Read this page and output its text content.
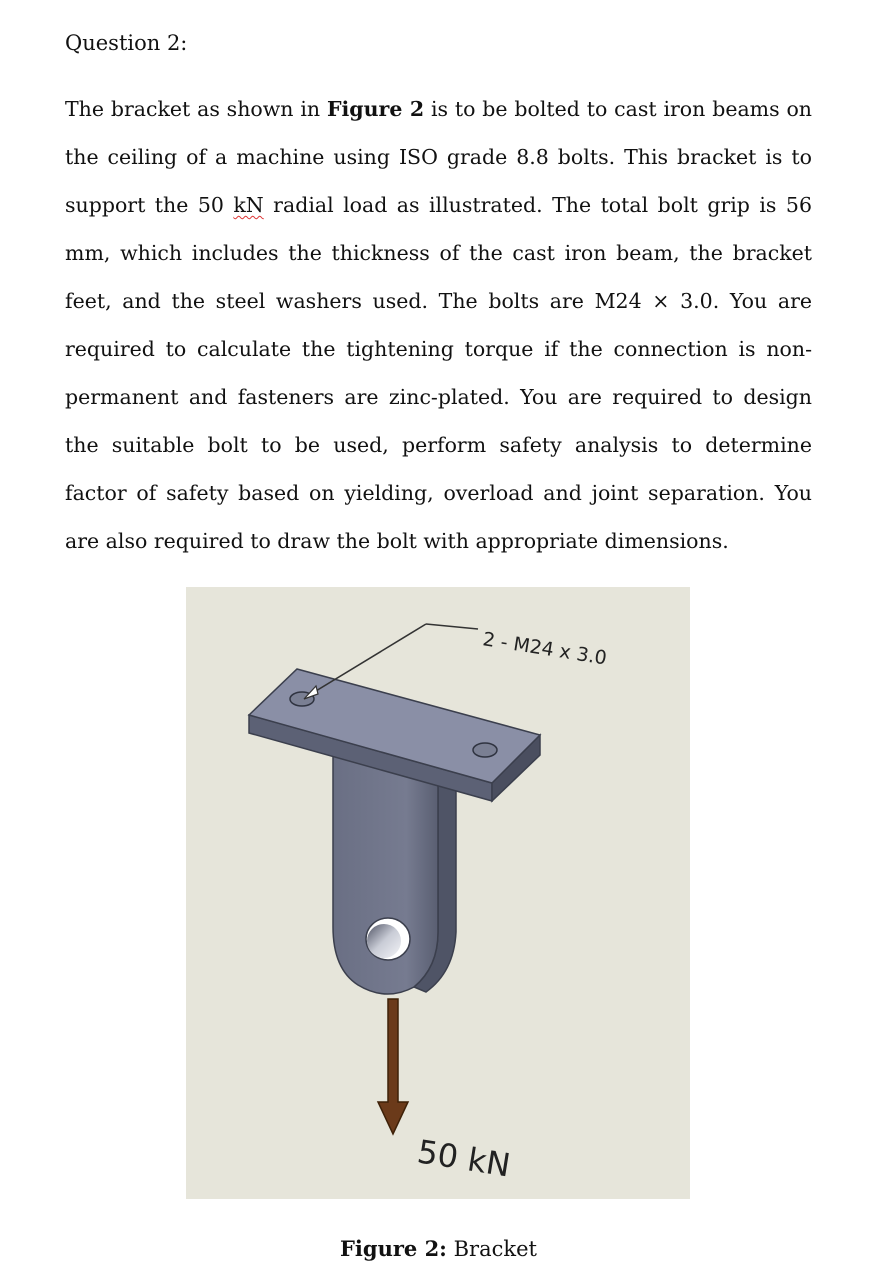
Question 2:

The bracket as shown in Figure 2 is to be bolted to cast iron beams on the ceiling of a machine using ISO grade 8.8 bolts. This bracket is to support the 50 kN radial load as illustrated. The total bolt grip is 56 mm, which includes the thickness of the cast iron beam, the bracket feet, and the steel washers used. The bolts are M24 × 3.0. You are required to calculate the tightening torque if the connection is non-permanent and fasteners are zinc-plated. You are required to design the suitable bolt to be used, perform safety analysis to determine factor of safety based on yielding, overload and joint separation. You are also required to draw the bolt with appropriate dimensions.

2 - M24 x 3.0
50 kN

Figure 2: Bracket
